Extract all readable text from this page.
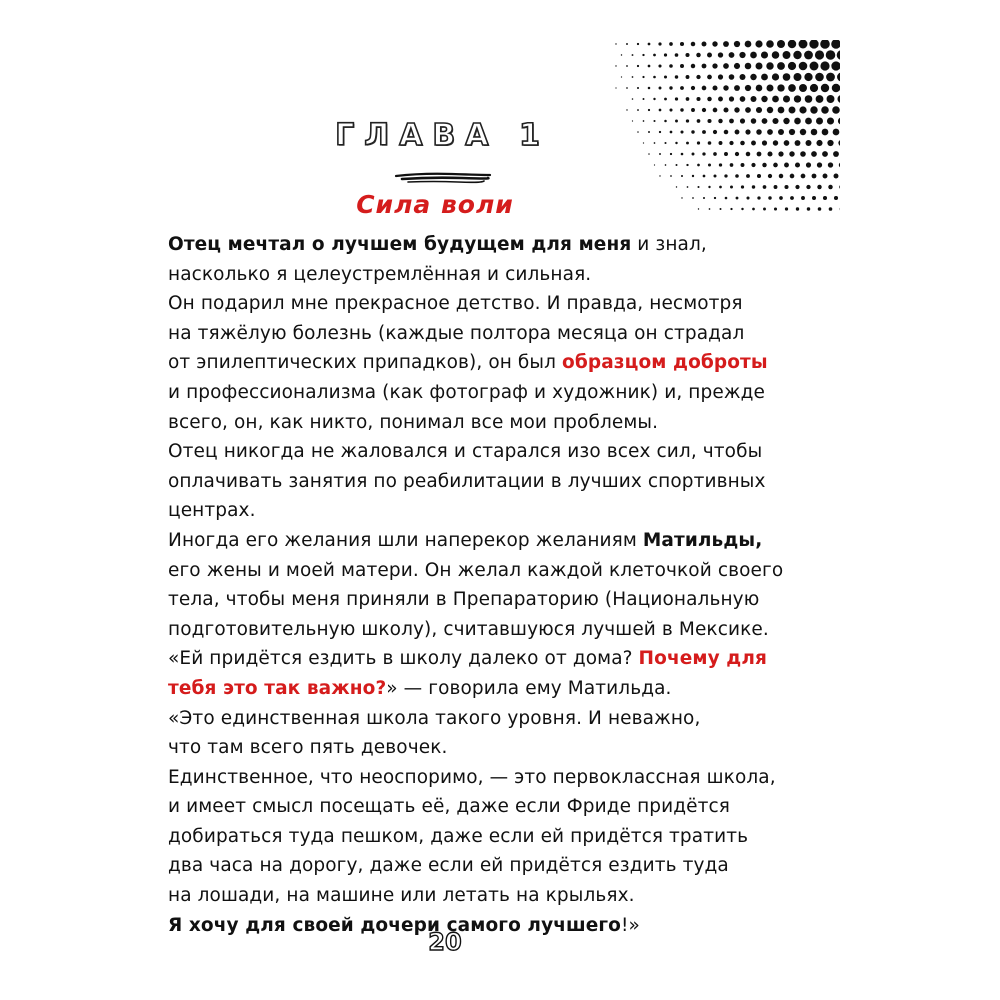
ГЛАВА 1
Сила воли
Отец мечтал о лучшем будущем для меня и знал,
насколько я целеустремлённая и сильная.
Он подарил мне прекрасное детство. И правда, несмотря
на тяжёлую болезнь (каждые полтора месяца он страдал
от эпилептических припадков), он был образцом доброты
и профессионализма (как фотограф и художник) и, прежде
всего, он, как никто, понимал все мои проблемы.
Отец никогда не жаловался и старался изо всех сил, чтобы
оплачивать занятия по реабилитации в лучших спортивных
центрах.
Иногда его желания шли наперекор желаниям Матильды,
его жены и моей матери. Он желал каждой клеточкой своего
тела, чтобы меня приняли в Препараторию (Национальную
подготовительную школу), считавшуюся лучшей в Мексике.
«Ей придётся ездить в школу далеко от дома? Почему для
тебя это так важно?» — говорила ему Матильда.
«Это единственная школа такого уровня. И неважно,
что там всего пять девочек.
Единственное, что неоспоримо, — это первоклассная школа,
и имеет смысл посещать её, даже если Фриде придётся
добираться туда пешком, даже если ей придётся тратить
два часа на дорогу, даже если ей придётся ездить туда
на лошади, на машине или летать на крыльях.
Я хочу для своей дочери самого лучшего!»
20
